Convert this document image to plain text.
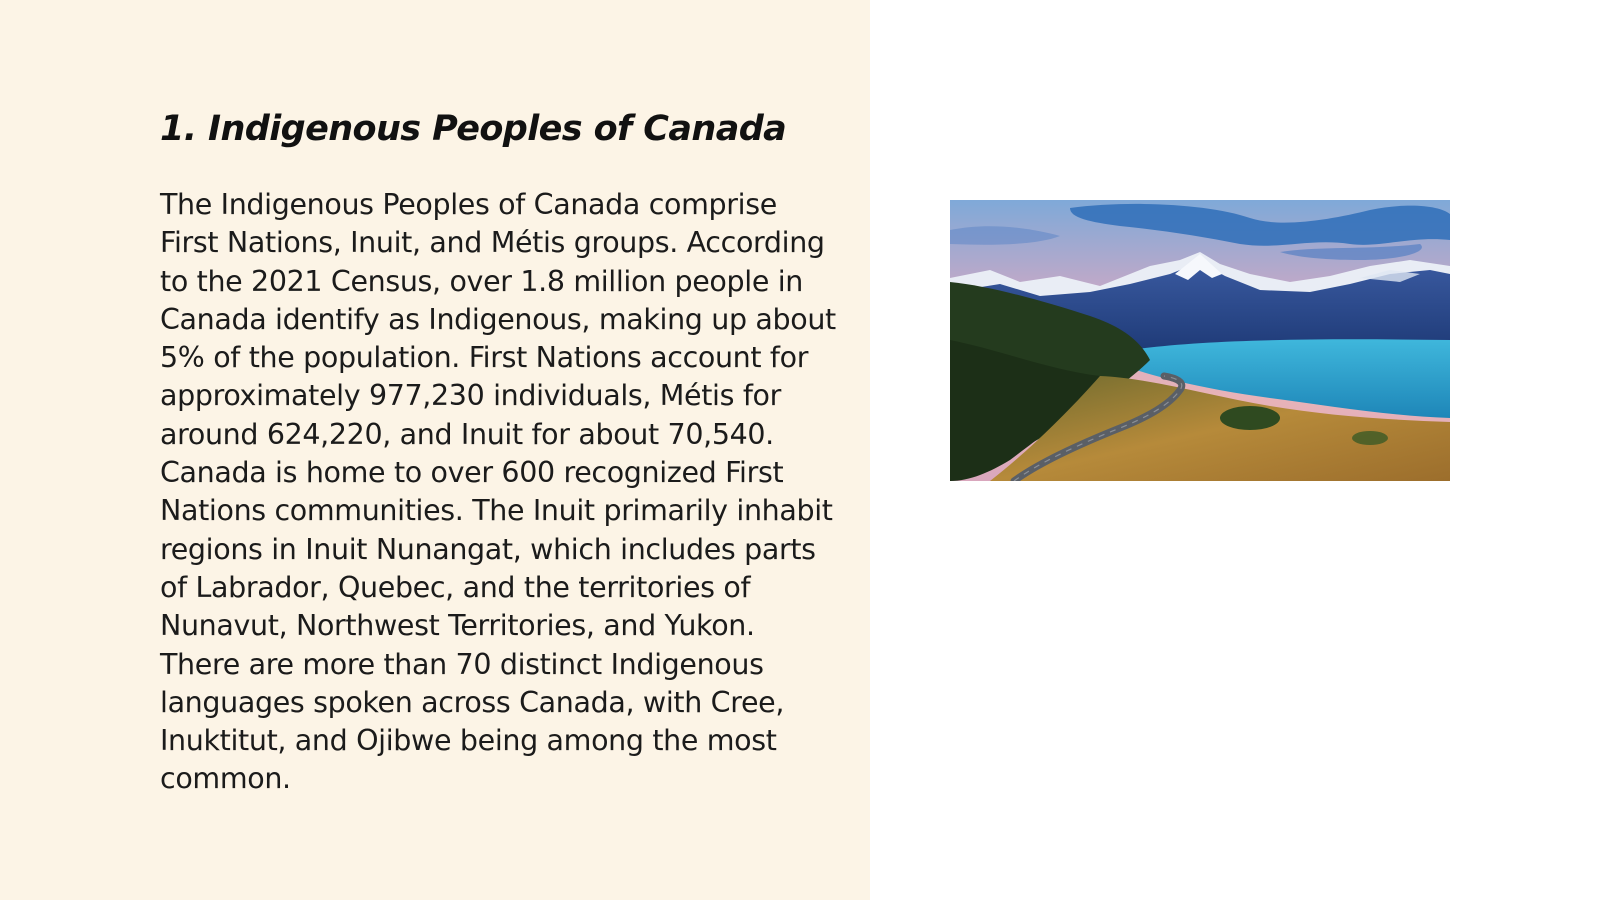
1. Indigenous Peoples of Canada

The Indigenous Peoples of Canada comprise First Nations, Inuit, and Métis groups. According to the 2021 Census, over 1.8 million people in Canada identify as Indigenous, making up about 5% of the population. First Nations account for approximately 977,230 individuals, Métis for around 624,220, and Inuit for about 70,540. Canada is home to over 600 recognized First Nations communities. The Inuit primarily inhabit regions in Inuit Nunangat, which includes parts of Labrador, Quebec, and the territories of Nunavut, Northwest Territories, and Yukon. There are more than 70 distinct Indigenous languages spoken across Canada, with Cree, Inuktitut, and Ojibwe being among the most common.
